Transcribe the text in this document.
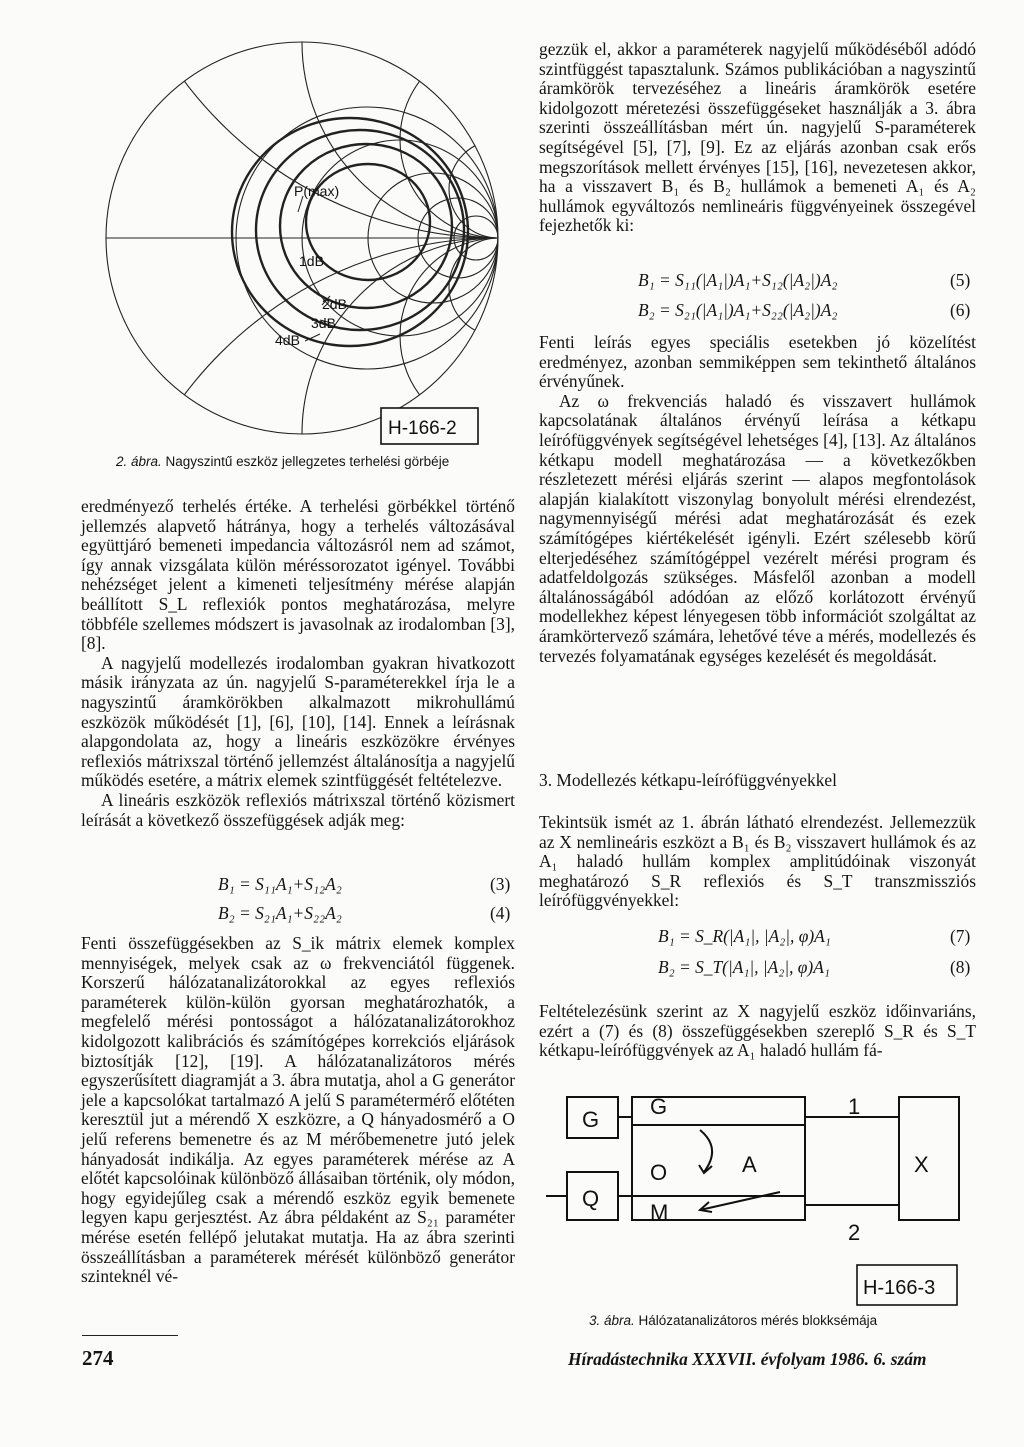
P(max)
1dB
2dB
3dB
4dB
H-166-2
2. ábra. Nagyszintű eszköz jellegzetes terhelési görbéje

eredményező terhelés értéke. A terhelési görbékkel történő jellemzés alapvető hátránya, hogy a terhelés változásával együttjáró bemeneti impedancia változásról nem ad számot, így annak vizsgálata külön méréssorozatot igényel. További nehézséget jelent a kimeneti teljesítmény mérése alapján beállított S_L reflexiók pontos meghatározása, melyre többféle szellemes módszert is javasolnak az irodalomban [3], [8].

A nagyjelű modellezés irodalomban gyakran hivatkozott másik irányzata az ún. nagyjelű S-paraméterekkel írja le a nagyszintű áramkörökben alkalmazott mikrohullámú eszközök működését [1], [6], [10], [14]. Ennek a leírásnak alapgondolata az, hogy a lineáris eszközökre érvényes reflexiós mátrixszal történő jellemzést általánosítja a nagyjelű működés esetére, a mátrix elemek szintfüggését feltételezve.

A lineáris eszközök reflexiós mátrixszal történő közismert leírását a következő összefüggések adják meg:

B₁ = S₁₁A₁+S₁₂A₂	(3)
B₂ = S₂₁A₁+S₂₂A₂	(4)

Fenti összefüggésekben az S_ik mátrix elemek komplex mennyiségek, melyek csak az ω frekvenciától függenek. Korszerű hálózatanalizátorokkal az egyes reflexiós paraméterek külön-külön gyorsan meghatározhatók, a megfelelő mérési pontosságot a hálózatanalizátorokhoz kidolgozott kalibrációs és számítógépes korrekciós eljárások biztosítják [12], [19]. A hálózatanalizátoros mérés egyszerűsített diagramját a 3. ábra mutatja, ahol a G generátor jele a kapcsolókat tartalmazó A jelű S paramétermérő előtéten keresztül jut a mérendő X eszközre, a Q hányadosmérő a O jelű referens bemenetre és az M mérőbemenetre jutó jelek hányadosát indikálja. Az egyes paraméterek mérése az A előtét kapcsolóinak különböző állásaiban történik, oly módon, hogy egyidejűleg csak a mérendő eszköz egyik bemenete legyen kapu gerjesztést. Az ábra példaként az S₂₁ paraméter mérése esetén fellépő jelutakat mutatja. Ha az ábra szerinti összeállításban a paraméterek mérését különböző generátor szinteknél vé-

gezzük el, akkor a paraméterek nagyjelű működéséből adódó szintfüggést tapasztalunk. Számos publikációban a nagyszintű áramkörök tervezéséhez a lineáris áramkörök esetére kidolgozott méretezési összefüggéseket használják a 3. ábra szerinti összeállításban mért ún. nagyjelű S-paraméterek segítségével [5], [7], [9]. Ez az eljárás azonban csak erős megszorítások mellett érvényes [15], [16], nevezetesen akkor, ha a visszavert B₁ és B₂ hullámok a bemeneti A₁ és A₂ hullámok egyváltozós nemlineáris függvényeinek összegével fejezhetők ki:

B₁ = S₁₁(|A₁|)A₁+S₁₂(|A₂|)A₂	(5)
B₂ = S₂₁(|A₁|)A₁+S₂₂(|A₂|)A₂	(6)

Fenti leírás egyes speciális esetekben jó közelítést eredményez, azonban semmiképpen sem tekinthető általános érvényűnek.

Az ω frekvenciás haladó és visszavert hullámok kapcsolatának általános érvényű leírása a kétkapu leírófüggvények segítségével lehetséges [4], [13]. Az általános kétkapu modell meghatározása — a következőkben részletezett mérési eljárás szerint — alapos megfontolások alapján kialakított viszonylag bonyolult mérési elrendezést, nagymennyiségű mérési adat meghatározását és ezek számítógépes kiértékelését igényli. Ezért szélesebb körű elterjedéséhez számítógéppel vezérelt mérési program és adatfeldolgozás szükséges. Másfelől azonban a modell általánosságából adódóan az előző korlátozott érvényű modellekhez képest lényegesen több információt szolgáltat az áramkörtervező számára, lehetővé téve a mérés, modellezés és tervezés folyamatának egységes kezelését és megoldását.

3. Modellezés kétkapu-leírófüggvényekkel

Tekintsük ismét az 1. ábrán látható elrendezést. Jellemezzük az X nemlineáris eszközt a B₁ és B₂ visszavert hullámok és az A₁ haladó hullám komplex amplitúdóinak viszonyát meghatározó S_R reflexiós és S_T transzmissziós leírófüggvényekkel:

B₁ = S_R(|A₁|, |A₂|, φ)A₁	(7)
B₂ = S_T(|A₁|, |A₂|, φ)A₁	(8)

Feltételezésünk szerint az X nagyjelű eszköz időinvariáns, ezért a (7) és (8) összefüggésekben szereplő S_R és S_T kétkapu-leírófüggvények az A₁ haladó hullám fá-

G
Q
G
O
M
A	X
1
2
H-166-3
3. ábra. Hálózatanalizátoros mérés blokksémája
274	Híradástechnika XXXVII. évfolyam 1986. 6. szám
